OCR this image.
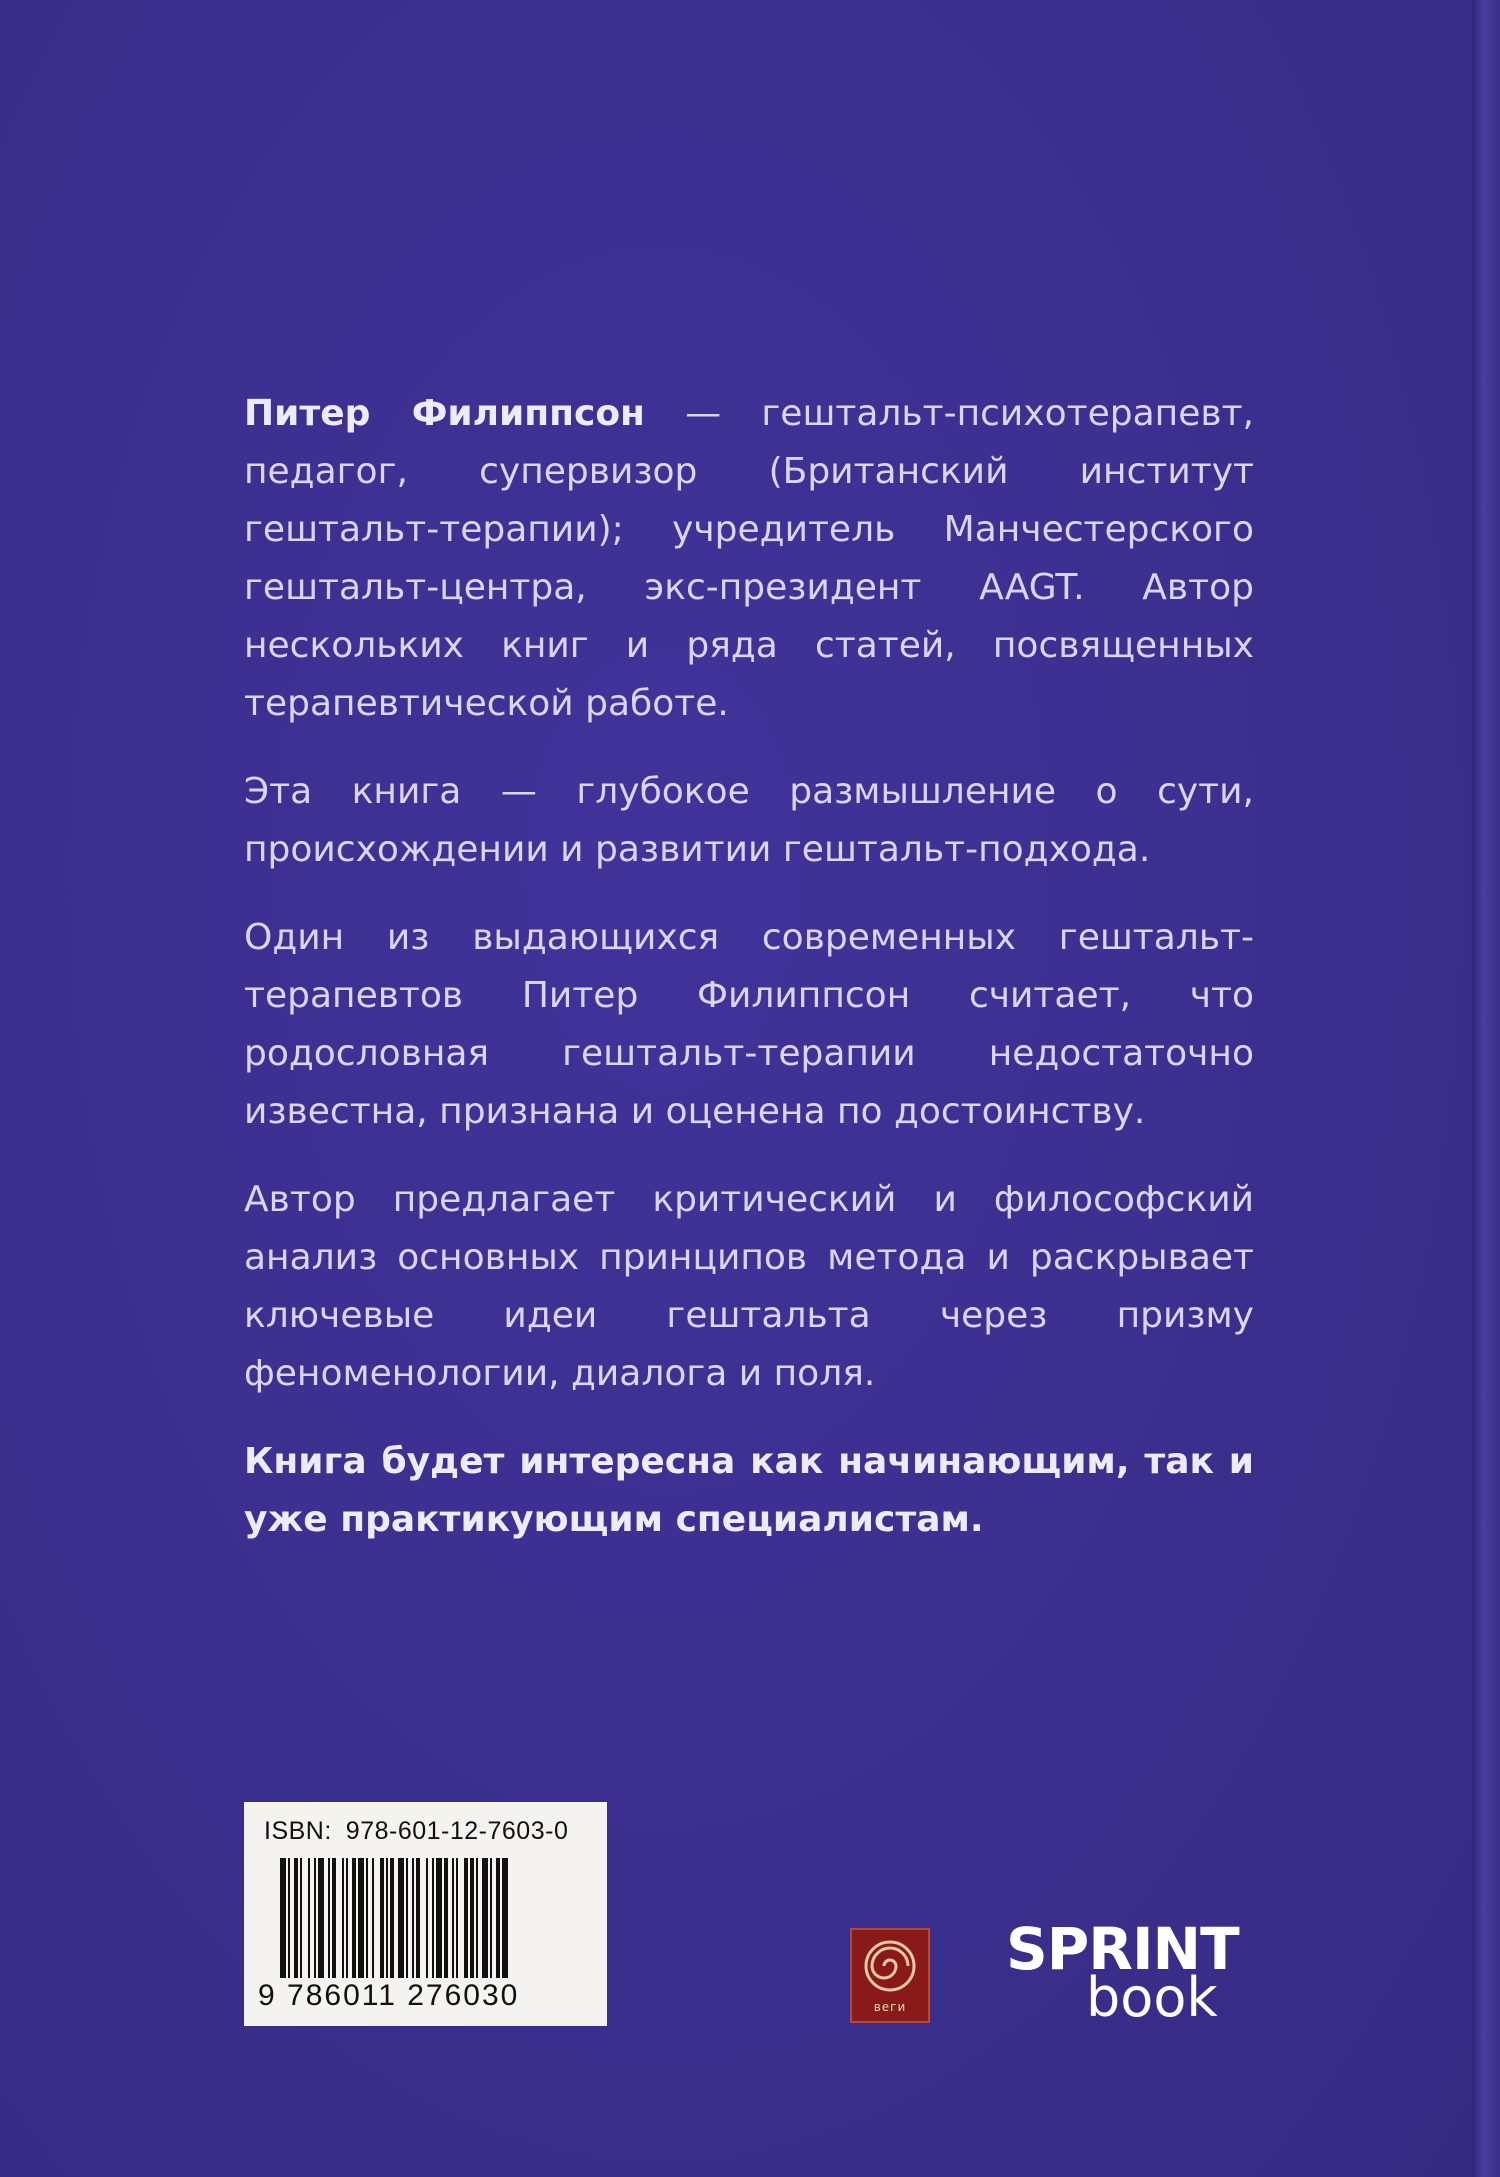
Питер Филиппсон — гештальт-психотерапевт, педагог, супервизор (Британский институт гештальт-терапии); учредитель Манчестерского гештальт-центра, экс-президент AAGT. Автор нескольких книг и ряда статей, посвященных терапевтической работе.

Эта книга — глубокое размышление о сути, происхождении и развитии гештальт-подхода.

Один из выдающихся современных гештальт-терапевтов Питер Филиппсон считает, что родословная гештальт-терапии недостаточно известна, признана и оценена по достоинству.

Автор предлагает критический и философский анализ основных принципов метода и раскрывает ключевые идеи гештальта через призму феноменологии, диалога и поля.

Книга будет интересна как начинающим, так и уже практикующим специалистам.

ISBN: 978-601-12-7603-0
9 786011 276030	веги
SPRINT
book
